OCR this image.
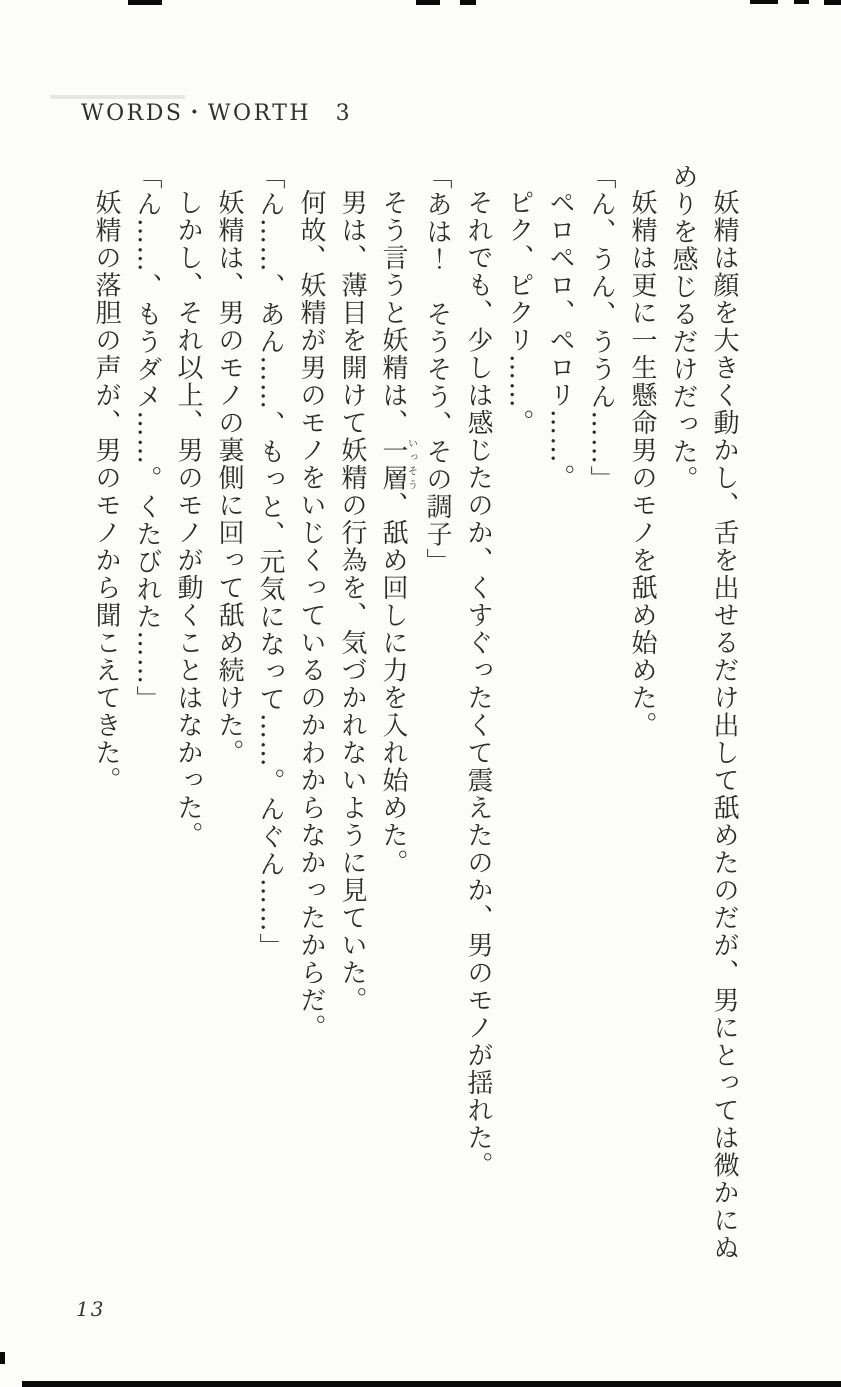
WORDS・WORTH　3
妖精は顔を大きく動かし、舌を出せるだけ出して舐めたのだが、男にとっては微かにぬ
めりを感じるだけだった。
妖精は更に一生懸命男のモノを舐め始めた。
「ん、うん、ううん……」
ペロペロ、ペロリ……。
ピク、ピクリ……。
それでも、少しは感じたのか、くすぐったくて震えたのか、男のモノが揺れた。
「あは！　そうそう、その調子」
そう言うと妖精は、一層いっそう、舐め回しに力を入れ始めた。
男は、薄目を開けて妖精の行為を、気づかれないように見ていた。
何故、妖精が男のモノをいじくっているのかわからなかったからだ。
「ん……、あん……、もっと、元気になって……。んぐん……」
妖精は、男のモノの裏側に回って舐め続けた。
しかし、それ以上、男のモノが動くことはなかった。
「ん……、もうダメ……。くたびれた……」
妖精の落胆の声が、男のモノから聞こえてきた。
13
